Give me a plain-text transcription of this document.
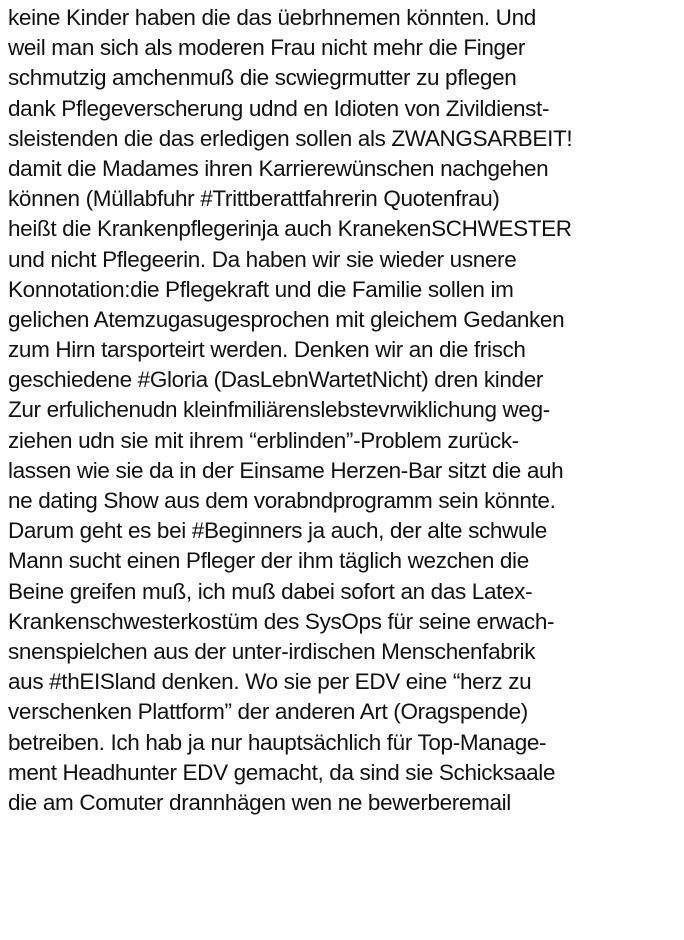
keine Kinder haben die das üebrhnemen könnten. Und
weil man sich als moderen Frau nicht mehr die Finger
schmutzig amchenmuß die scwiegrmutter zu pflegen
dank Pflegeverscherung udnd en Idioten von Zivildienst-
sleistenden die das erledigen sollen als ZWANGSARBEIT!
damit die Madames ihren Karrierewünschen nachgehen
können (Müllabfuhr #Trittberattfahrerin Quotenfrau)
heißt die Krankenpflegerinja auch KranekenSCHWESTER
und nicht Pflegeerin. Da haben wir sie wieder usnere
Konnotation:die Pflegekraft und die Familie sollen im
gelichen Atemzugasugesprochen mit gleichem Gedanken
zum Hirn tarsporteirt werden. Denken wir an die frisch
geschiedene #Gloria (DasLebnWartetNicht) dren kinder
Zur erfulichenudn kleinfmiliärenslebstevrwiklichung weg-
ziehen udn sie mit ihrem “erblinden”-Problem zurück-
lassen wie sie da in der Einsame Herzen-Bar sitzt die auh
ne dating Show aus dem vorabndprogramm sein könnte.
Darum geht es bei #Beginners ja auch, der alte schwule
Mann sucht einen Pfleger der ihm täglich wezchen die
Beine greifen muß, ich muß dabei sofort an das Latex-
Krankenschwesterkostüm des SysOps für seine erwach-
snenspielchen aus der unter-irdischen Menschenfabrik
aus #thEISland denken. Wo sie per EDV eine “herz zu
verschenken Plattform” der anderen Art (Oragspende)
betreiben. Ich hab ja nur hauptsächlich für Top-Manage-
ment Headhunter EDV gemacht, da sind sie Schicksaale
die am Comuter drannhägen wen ne bewerberemail
